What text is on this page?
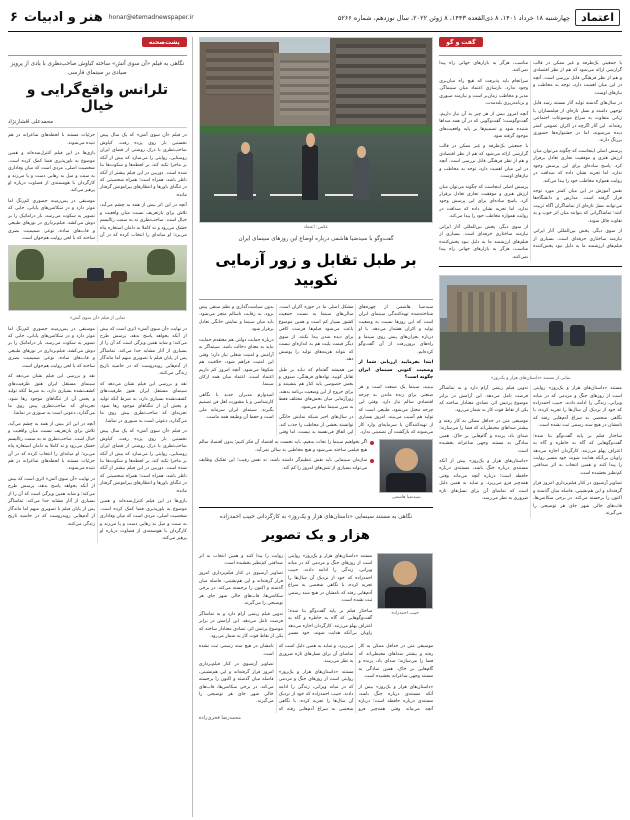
اعتماد
چهارشنبه ۱۸ خرداد ۱۴۰۱، ۸ ذی‌القعده ۱۴۴۳، ۸ ژوئن ۲۰۲۲، سال نوزدهم، شماره ۵۲۶۶
honar@etemadnewspaper.ir
هنر و ادبیات
۶
گفت و گو

با جمعیتی یک‌طرفه و غیر ممکن در قالب گزارشی ارائه می‌شود که هم از نظر اقتصادی و هم از نظر فرهنگی قابل بررسی است. آنچه در این میان اهمیت دارد، توجه به مخاطب و نیازهای اوست.

در سال‌های گذشته تولید آثار مستند رشد قابل توجهی داشته و نسل تازه‌ای از فیلمسازان با زبانی متفاوت به سراغ موضوعات اجتماعی رفته‌اند. این آثار اگرچه در اکران عمومی کمتر دیده می‌شوند، اما در جشنواره‌ها حضوری پررنگ دارند.

پرسش اصلی اینجاست که چگونه می‌توان میان ارزش هنری و موفقیت تجاری تعادل برقرار کرد. پاسخ ساده‌ای برای این پرسش وجود ندارد، اما تجربه نشان داده که صداقت در روایت همواره مخاطب خود را پیدا می‌کند.

نقش آموزش در این میان کمتر مورد توجه قرار گرفته است. مدارس و دانشگاه‌ها می‌توانند نسل تازه‌ای از تماشاگران آگاه تربیت کنند؛ تماشاگرانی که بتوانند میان اثر خوب و بد تفاوت قائل شوند.

از سوی دیگر، پخش بین‌المللی آثار ایرانی نیازمند ساختاری حرفه‌ای است. بسیاری از فیلم‌های ارزشمند ما به دلیل نبود پخش‌کننده مناسب، هرگز به بازارهای جهانی راه پیدا نمی‌کنند.

سرانجام باید پذیرفت که هیچ راه میان‌بری وجود ندارد. بازسازی اعتماد میان سینماگر، مدیر و مخاطب زمان‌بر است و نیازمند صبوری و برنامه‌ریزی بلندمدت.

آنچه امروز بیش از هر چیز به آن نیاز داریم، گفت‌وگوست؛ گفت‌وگویی که در آن همه صداها شنیده شود و تصمیم‌ها بر پایه واقعیت‌های موجود گرفته شود.

با جمعیتی یک‌طرفه و غیر ممکن در قالب گزارشی ارائه می‌شود که هم از نظر اقتصادی و هم از نظر فرهنگی قابل بررسی است. آنچه در این میان اهمیت دارد، توجه به مخاطب و نیازهای اوست.

پرسش اصلی اینجاست که چگونه می‌توان میان ارزش هنری و موفقیت تجاری تعادل برقرار کرد. پاسخ ساده‌ای برای این پرسش وجود ندارد، اما تجربه نشان داده که صداقت در روایت همواره مخاطب خود را پیدا می‌کند.

از سوی دیگر، پخش بین‌المللی آثار ایرانی نیازمند ساختاری حرفه‌ای است. بسیاری از فیلم‌های ارزشمند ما به دلیل نبود پخش‌کننده مناسب، هرگز به بازارهای جهانی راه پیدا نمی‌کنند.

نمایی از مستند «داستان‌های هزار و یک‌روز»

مستند «داستان‌های هزار و یک‌روز» روایتی است از روزهای جنگ و مردمی که در میانه ویرانی، زندگی را ادامه دادند. حبیب احمدزاده که خود از نزدیک آن سال‌ها را تجربه کرده، با نگاهی شخصی به سراغ آدم‌هایی رفته که نامشان در هیچ سند رسمی ثبت نشده است.

ساختار فیلم بر پایه گفت‌وگو بنا شده؛ گفت‌وگوهایی که گاه به خاطره و گاه به اعتراف پهلو می‌زنند. کارگردان اجازه می‌دهد راویان بی‌آنکه هدایت شوند، خود مسیر روایت را پیدا کنند و همین انتخاب به اثر صداقتی کم‌نظیر بخشیده است.

تصاویر آرشیوی در کنار فیلم‌برداری امروز قرار گرفته‌اند و این هم‌نشینی، فاصله میان گذشته و اکنون را برجسته می‌کند. در برخی سکانس‌ها، قاب‌های خالی شهر جای هر توضیحی را می‌گیرند.

تدوین فیلم ریتمی آرام دارد و به تماشاگر فرصت تامل می‌دهد. این آرامش در برابر موضوع پرتنش اثر، تضادی معنادار ساخته که یکی از نقاط قوت کار به شمار می‌رود.

موسیقی متن در حداقل ممکن به کار رفته و بیشتر صداهای محیطی‌اند که فضا را می‌سازند؛ صدای باد، پرنده و گام‌هایی بر خاک. همین سادگی به مستند وجهی شاعرانه بخشیده است.

«داستان‌های هزار و یک‌روز» بیش از آنکه مستندی درباره جنگ باشد، مستندی درباره حافظه است؛ درباره آنچه می‌ماند وقتی همه‌چیز فرو می‌ریزد. و شاید به همین دلیل است که تماشای آن برای نسل‌های تازه ضروری به نظر می‌رسد.

عکس: اعتماد
گفت‌وگو با سیدضیا هاشمی درباره اوضاع این روزهای سینمای ایران
بر طبل تقابل و زور آزمایی نکوبید

سیدضیا هاشمی از چهره‌های شناخته‌شده تهیه‌کنندگی سینمای ایران است که این روزها نسبت به وضعیت تولید و اکران هشدار می‌دهد. با او درباره بحران‌های پیش روی سینما و راه‌های برون‌رفت از آن گفت‌وگو کرده‌ایم.

ابتدا بفرمایید ارزیابی شما از وضعیت کنونی سینمای ایران چگونه است؟

ببینید، سینما یک صنعت است و هر صنعتی برای زنده ماندن به چرخه اقتصادی سالم نیاز دارد. وقتی این چرخه مختل می‌شود، طبیعی است که تولید هم آسیب می‌بیند. امروز بسیاری از تهیه‌کنندگان با سرمایه‌ای وارد کار می‌شوند که بازگشت آن تضمینی ندارد.

مشکل اصلی ما در حوزه اکران است. سالن‌های سینما به نسبت جمعیت کشور بسیار کم است و همین موضوع باعث می‌شود فیلم‌ها فرصت کافی برای دیده شدن پیدا نکنند. از سوی دیگر قیمت بلیت هم به اندازه‌ای نیست که بتواند هزینه‌های تولید را پوشش دهد.

من همیشه گفته‌ام که نباید بر طبل تقابل کوبید. نهادهای فرهنگی، صنوف و بخش خصوصی باید کنار هم بنشینند و برای خروج از این وضعیت برنامه بدهند. زورآزمایی میان بخش‌های مختلف فقط به ضرر سینما تمام می‌شود.

در سال‌های اخیر شبکه نمایش خانگی توانسته بخشی از مخاطب را جذب کند. این اتفاق فی‌نفسه بد نیست، اما وقتی بدون سیاست‌گذاری و نظم صنفی پیش برود، به رقابت ناسالم منجر می‌شود. باید میان سینما و نمایش خانگی تعادل برقرار شود.

درباره حمایت دولتی هم معتقدم حمایت نباید به معنای دخالت باشد. سینماگر به آرامش و امنیت شغلی نیاز دارد؛ وقتی این امنیت فراهم شود، خلاقیت هم شکوفا می‌شود. آنچه امروز کم داریم اعتماد است، اعتماد میان همه ارکان سینما.

امیدوارم مدیران جدید با نگاهی کارشناسی و با مشورت اهل فن تصمیم بگیرند. سینمای ایران سرمایه ملی است و حفظ آن وظیفه همه ماست.

سیدضیا هاشمی
اگر بخواهیم سینما را نجات بدهیم، باید نخست به اقتصاد آن فکر کنیم؛ بدون اقتصاد سالم هیچ فیلمی ساخته نمی‌شود و هیچ مخاطبی به سالن نمی‌آید.
سازمان سینمایی باید نقش تنظیم‌گر داشته باشد، نه نقش رقیب؛ این تفکیک وظایف می‌تواند بسیاری از تنش‌های امروز را کم کند.
نگاهی به مستند سینمایی «داستان‌های هزار و یک‌روز» به کارگردانی حبیب احمدزاده
هزار و یک تصویر
حبیب احمدزاده

مستند «داستان‌های هزار و یک‌روز» روایتی است از روزهای جنگ و مردمی که در میانه ویرانی، زندگی را ادامه دادند. حبیب احمدزاده که خود از نزدیک آن سال‌ها را تجربه کرده، با نگاهی شخصی به سراغ آدم‌هایی رفته که نامشان در هیچ سند رسمی ثبت نشده است.

ساختار فیلم بر پایه گفت‌وگو بنا شده؛ گفت‌وگوهایی که گاه به خاطره و گاه به اعتراف پهلو می‌زنند. کارگردان اجازه می‌دهد راویان بی‌آنکه هدایت شوند، خود مسیر روایت را پیدا کنند و همین انتخاب به اثر صداقتی کم‌نظیر بخشیده است.

تصاویر آرشیوی در کنار فیلم‌برداری امروز قرار گرفته‌اند و این هم‌نشینی، فاصله میان گذشته و اکنون را برجسته می‌کند. در برخی سکانس‌ها، قاب‌های خالی شهر جای هر توضیحی را می‌گیرند.

تدوین فیلم ریتمی آرام دارد و به تماشاگر فرصت تامل می‌دهد. این آرامش در برابر موضوع پرتنش اثر، تضادی معنادار ساخته که یکی از نقاط قوت کار به شمار می‌رود.

موسیقی متن در حداقل ممکن به کار رفته و بیشتر صداهای محیطی‌اند که فضا را می‌سازند؛ صدای باد، پرنده و گام‌هایی بر خاک. همین سادگی به مستند وجهی شاعرانه بخشیده است.

«داستان‌های هزار و یک‌روز» بیش از آنکه مستندی درباره جنگ باشد، مستندی درباره حافظه است؛ درباره آنچه می‌ماند وقتی همه‌چیز فرو می‌ریزد. و شاید به همین دلیل است که تماشای آن برای نسل‌های تازه ضروری به نظر می‌رسد.

مستند «داستان‌های هزار و یک‌روز» روایتی است از روزهای جنگ و مردمی که در میانه ویرانی، زندگی را ادامه دادند. حبیب احمدزاده که خود از نزدیک آن سال‌ها را تجربه کرده، با نگاهی شخصی به سراغ آدم‌هایی رفته که نامشان در هیچ سند رسمی ثبت نشده است.

تصاویر آرشیوی در کنار فیلم‌برداری امروز قرار گرفته‌اند و این هم‌نشینی، فاصله میان گذشته و اکنون را برجسته می‌کند. در برخی سکانس‌ها، قاب‌های خالی شهر جای هر توضیحی را می‌گیرند.

محمدرضا فخری‌زاده
پشت‌صحنه
نگاهی به فیلم «آن سوی آتش» ساخته کیاوش صاحب‌نظری با یادی از پرویز صیادی بر سینمای فارسی
تلرانس واقع‌گرایی و خیال
محمدعلی افشارنژاد

در فیلم «آن سوی آتش» که یک سال پیش نخستین بار روی پرده رفت، کیاوش صاحب‌نظری با درک روشنی از فضای ایران روستایی، روایتی را می‌سازد که بیش از آنکه بر ماجرا تکیه کند، بر لحظه‌ها و سکوت‌ها بنا شده است. دوربین در این فیلم بیشتر از آنکه ناظر باشد، همراه است؛ همراه شخصیتی که در تنگنای باورها و انتظارهای پیرامونش گرفتار مانده.

آنچه در این اثر بیش از همه به چشم می‌آید، تلاش برای بازتعریف نسبت میان واقعیت و خیال است. صاحب‌نظری نه به سمت رئالیسم خشک می‌رود و نه کاملا به دامان استعاره پناه می‌برد؛ او میانه‌ای را انتخاب کرده که در آن جزئیات مستند با لحظه‌های شاعرانه در هم تنیده می‌شوند.

بازی‌ها در این فیلم کنترل‌شده‌اند و همین موضوع به باورپذیری فضا کمک کرده است. شخصیت اصلی، مردی است که میان وفاداری به سنت و میل به رهایی دست و پا می‌زند و کارگردان با هوشمندی از قضاوت درباره او پرهیز می‌کند.

موسیقی در پس‌زمینه حضوری کم‌رنگ اما موثر دارد و در سکانس‌های پایانی، جایی که تصویر به سکوت می‌رسد، بار دراماتیک را بر دوش می‌کشد. فیلم‌برداری در نورهای طبیعی و قاب‌های ساده، نوعی صمیمیت بصری ساخته که با لحن روایت هم‌خوان است.

نمایی از فیلم «آن سوی آتش»

در نهایت «آن سوی آتش» اثری است که بیش از آنکه بخواهد پاسخ بدهد، پرسش طرح می‌کند؛ و شاید همین ویژگی است که آن را از بسیاری از آثار مشابه جدا می‌کند. تماشاگر پس از پایان فیلم با تصویری مبهم اما ماندگار از آدم‌هایی روبه‌روست که در حاشیه تاریخ زندگی می‌کنند.

نقد و بررسی این فیلم نشان می‌دهد که سینمای مستقل ایران هنوز ظرفیت‌های کشف‌نشده بسیاری دارد، به شرط آنکه تولید و پخش آن از تنگناهای موجود رها شود. تجربه‌ای که صاحب‌نظری پیش روی ما می‌گذارد، دعوتی است به صبوری در تماشا.

در فیلم «آن سوی آتش» که یک سال پیش نخستین بار روی پرده رفت، کیاوش صاحب‌نظری با درک روشنی از فضای ایران روستایی، روایتی را می‌سازد که بیش از آنکه بر ماجرا تکیه کند، بر لحظه‌ها و سکوت‌ها بنا شده است. دوربین در این فیلم بیشتر از آنکه ناظر باشد، همراه است؛ همراه شخصیتی که در تنگنای باورها و انتظارهای پیرامونش گرفتار مانده.

بازی‌ها در این فیلم کنترل‌شده‌اند و همین موضوع به باورپذیری فضا کمک کرده است. شخصیت اصلی، مردی است که میان وفاداری به سنت و میل به رهایی دست و پا می‌زند و کارگردان با هوشمندی از قضاوت درباره او پرهیز می‌کند.

موسیقی در پس‌زمینه حضوری کم‌رنگ اما موثر دارد و در سکانس‌های پایانی، جایی که تصویر به سکوت می‌رسد، بار دراماتیک را بر دوش می‌کشد. فیلم‌برداری در نورهای طبیعی و قاب‌های ساده، نوعی صمیمیت بصری ساخته که با لحن روایت هم‌خوان است.

نقد و بررسی این فیلم نشان می‌دهد که سینمای مستقل ایران هنوز ظرفیت‌های کشف‌نشده بسیاری دارد، به شرط آنکه تولید و پخش آن از تنگناهای موجود رها شود. تجربه‌ای که صاحب‌نظری پیش روی ما می‌گذارد، دعوتی است به صبوری در تماشا.

آنچه در این اثر بیش از همه به چشم می‌آید، تلاش برای بازتعریف نسبت میان واقعیت و خیال است. صاحب‌نظری نه به سمت رئالیسم خشک می‌رود و نه کاملا به دامان استعاره پناه می‌برد؛ او میانه‌ای را انتخاب کرده که در آن جزئیات مستند با لحظه‌های شاعرانه در هم تنیده می‌شوند.

در نهایت «آن سوی آتش» اثری است که بیش از آنکه بخواهد پاسخ بدهد، پرسش طرح می‌کند؛ و شاید همین ویژگی است که آن را از بسیاری از آثار مشابه جدا می‌کند. تماشاگر پس از پایان فیلم با تصویری مبهم اما ماندگار از آدم‌هایی روبه‌روست که در حاشیه تاریخ زندگی می‌کنند.
